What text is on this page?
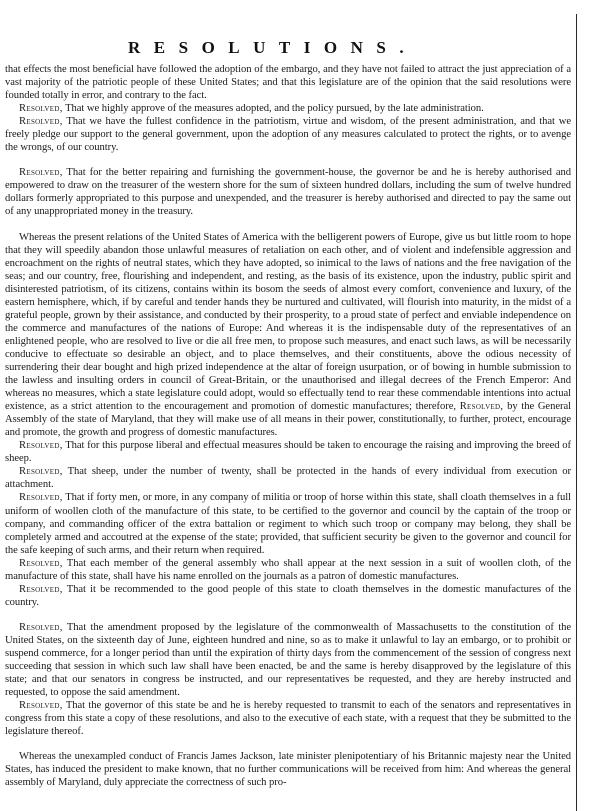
RESOLUTIONS.

that effects the most beneficial have followed the adoption of the embargo, and they have not failed to attract the just appreciation of a vast majority of the patriotic people of these United States; and that this legislature are of the opinion that the said resolutions were founded totally in error, and contrary to the fact.

Resolved, That we highly approve of the measures adopted, and the policy pursued, by the late administration.

Resolved, That we have the fullest confidence in the patriotism, virtue and wisdom, of the present administration, and that we freely pledge our support to the general government, upon the adoption of any measures calculated to protect the rights, or to avenge the wrongs, of our country.

Resolved, That for the better repairing and furnishing the government-house, the governor be and he is hereby authorised and empowered to draw on the treasurer of the western shore for the sum of sixteen hundred dollars, including the sum of twelve hundred dollars formerly appropriated to this purpose and unexpended, and the treasurer is hereby authorised and directed to pay the same out of any unappropriated money in the treasury.

Whereas the present relations of the United States of America with the belligerent powers of Europe, give us but little room to hope that they will speedily abandon those unlawful measures of retaliation on each other, and of violent and indefensible aggression and encroachment on the rights of neutral states, which they have adopted, so inimical to the laws of nations and the free navigation of the seas; and our country, free, flourishing and independent, and resting, as the basis of its existence, upon the industry, public spirit and disinterested patriotism, of its citizens, contains within its bosom the seeds of almost every comfort, convenience and luxury, of the eastern hemisphere, which, if by careful and tender hands they be nurtured and cultivated, will flourish into maturity, in the midst of a grateful people, grown by their assistance, and conducted by their prosperity, to a proud state of perfect and enviable independence on the commerce and manufactures of the nations of Europe: And whereas it is the indispensable duty of the representatives of an enlightened people, who are resolved to live or die all free men, to propose such measures, and enact such laws, as will be necessarily conducive to effectuate so desirable an object, and to place themselves, and their constituents, above the odious necessity of surrendering their dear bought and high prized independence at the altar of foreign usurpation, or of bowing in humble submission to the lawless and insulting orders in council of Great-Britain, or the unauthorised and illegal decrees of the French Emperor: And whereas no measures, which a state legislature could adopt, would so effectually tend to rear these commendable intentions into actual existence, as a strict attention to the encouragement and promotion of domestic manufactures; therefore, Resolved, by the General Assembly of the state of Maryland, that they will make use of all means in their power, constitutionally, to further, protect, encourage and promote, the growth and progress of domestic manufactures.

Resolved, That for this purpose liberal and effectual measures should be taken to encourage the raising and improving the breed of sheep.

Resolved, That sheep, under the number of twenty, shall be protected in the hands of every individual from execution or attachment.

Resolved, That if forty men, or more, in any company of militia or troop of horse within this state, shall cloath themselves in a full uniform of woollen cloth of the manufacture of this state, to be certified to the governor and council by the captain of the troop or company, and commanding officer of the extra battalion or regiment to which such troop or company may belong, they shall be completely armed and accoutred at the expense of the state; provided, that sufficient security be given to the governor and council for the safe keeping of such arms, and their return when required.

Resolved, That each member of the general assembly who shall appear at the next session in a suit of woollen cloth, of the manufacture of this state, shall have his name enrolled on the journals as a patron of domestic manufactures.

Resolved, That it be recommended to the good people of this state to cloath themselves in the domestic manufactures of the country.

Resolved, That the amendment proposed by the legislature of the commonwealth of Massachusetts to the constitution of the United States, on the sixteenth day of June, eighteen hundred and nine, so as to make it unlawful to lay an embargo, or to prohibit or suspend commerce, for a longer period than until the expiration of thirty days from the commencement of the session of congress next succeeding that session in which such law shall have been enacted, be and the same is hereby disapproved by the legislature of this state; and that our senators in congress be instructed, and our representatives be requested, and they are hereby instructed and requested, to oppose the said amendment.

Resolved, That the governor of this state be and he is hereby requested to transmit to each of the senators and representatives in congress from this state a copy of these resolutions, and also to the executive of each state, with a request that they be submitted to the legislature thereof.

Whereas the unexampled conduct of Francis James Jackson, late minister plenipotentiary of his Britannic majesty near the United States, has induced the president to make known, that no further communications will be received from him: And whereas the general assembly of Maryland, duly appreciate the correctness of such pro-
